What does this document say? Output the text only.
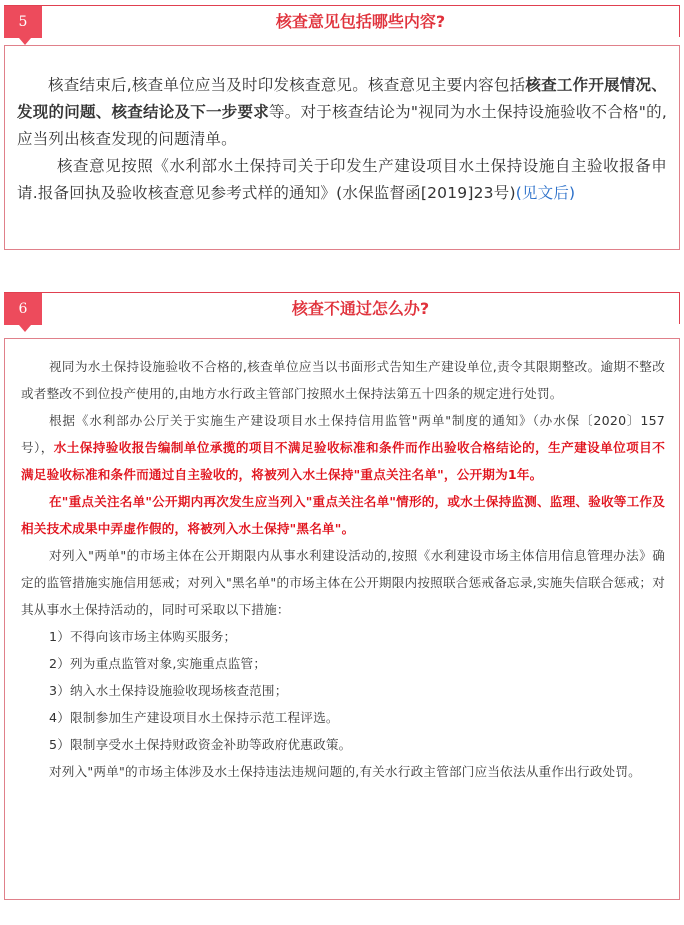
5	核查意见包括哪些内容?

核查结束后,核查单位应当及时印发核查意见。核查意见主要内容包括核查工作开展情况、发现的问题、核查结论及下一步要求等。对于核查结论为"视同为水土保持设施验收不合格"的,应当列出核查发现的问题清单。

核查意见按照《水利部水土保持司关于印发生产建设项目水土保持设施自主验收报备申请.报备回执及验收核查意见参考式样的通知》(水保监督函[2019]23号)(见文后)

6	核查不通过怎么办?

视同为水土保持设施验收不合格的,核查单位应当以书面形式告知生产建设单位,责令其限期整改。逾期不整改或者整改不到位投产使用的,由地方水行政主管部门按照水土保持法第五十四条的规定进行处罚。

根据《水利部办公厅关于实施生产建设项目水土保持信用监管"两单"制度的通知》（办水保〔2020〕157号），水土保持验收报告编制单位承揽的项目不满足验收标准和条件而作出验收合格结论的，生产建设单位项目不满足验收标准和条件而通过自主验收的，将被列入水土保持"重点关注名单"，公开期为1年。

在"重点关注名单"公开期内再次发生应当列入"重点关注名单"情形的，或水土保持监测、监理、验收等工作及相关技术成果中弄虚作假的，将被列入水土保持"黑名单"。

对列入"两单"的市场主体在公开期限内从事水利建设活动的,按照《水利建设市场主体信用信息管理办法》确定的监管措施实施信用惩戒；对列入"黑名单"的市场主体在公开期限内按照联合惩戒备忘录,实施失信联合惩戒；对其从事水土保持活动的，同时可采取以下措施：

1）不得向该市场主体购买服务；

2）列为重点监管对象,实施重点监管；

3）纳入水土保持设施验收现场核查范围；

4）限制参加生产建设项目水土保持示范工程评选。

5）限制享受水土保持财政资金补助等政府优惠政策。

对列入"两单"的市场主体涉及水土保持违法违规问题的,有关水行政主管部门应当依法从重作出行政处罚。
